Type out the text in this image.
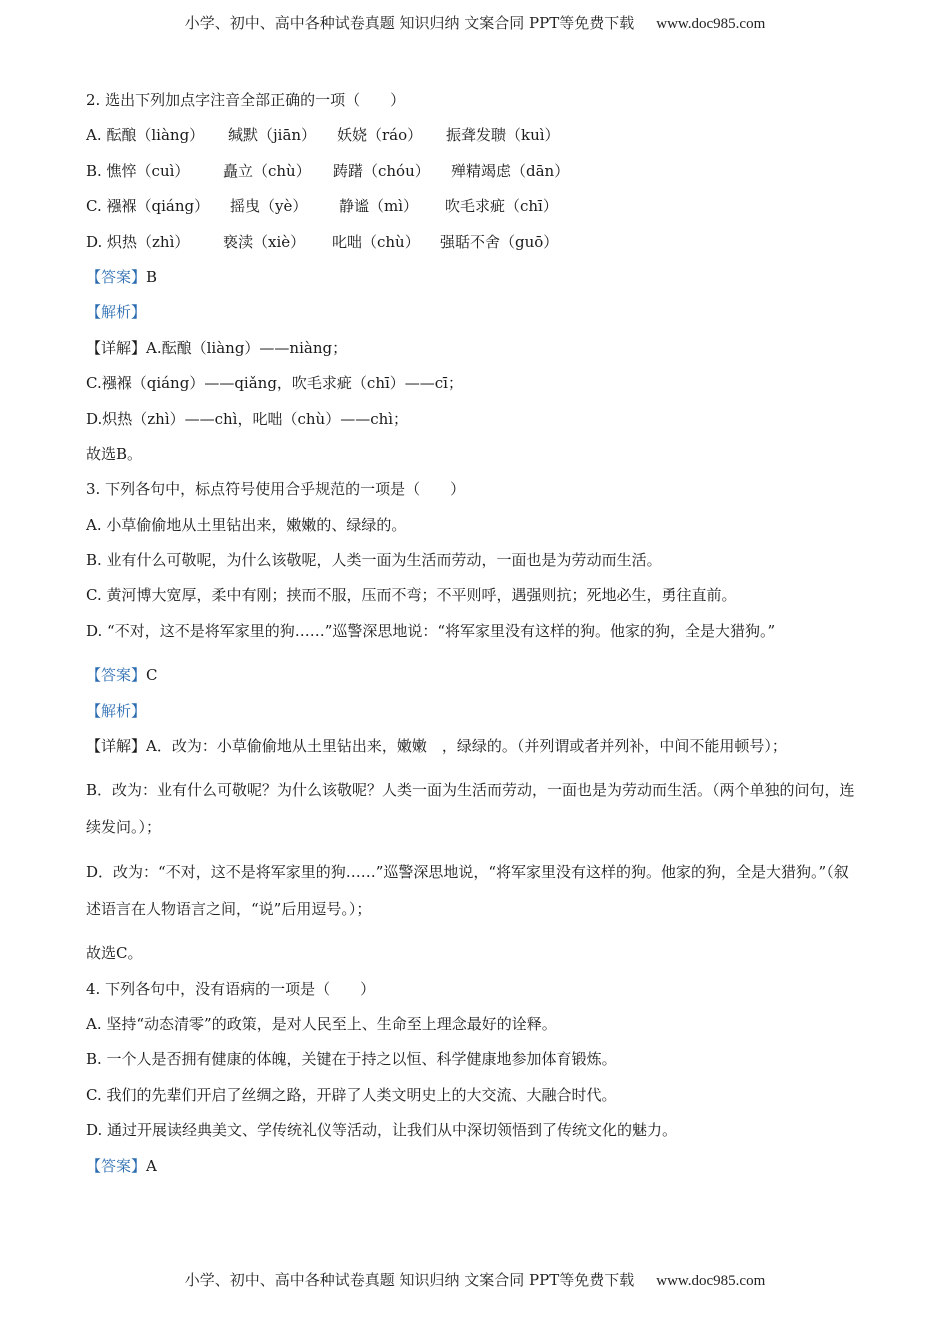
小学、初中、高中各种试卷真题 知识归纳 文案合同 PPT等免费下载 www.doc985.com
2. 选出下列加点字注音全部正确的一项（　　）
A. 酝酿（liàng） 缄默（jiān） 妖娆（ráo） 振聋发聩（kuì）
B. 憔悴（cuì） 矗立（chù） 踌躇（chóu） 殚精竭虑（dān）
C. 襁褓（qiáng） 摇曳（yè） 静谧（mì） 吹毛求疵（chī）
D. 炽热（zhì） 亵渎（xiè） 叱咄（chù） 强聒不舍（guō）
【答案】B
【解析】
【详解】A.酝酿（liàng）——niàng；
C.襁褓（qiáng）——qiǎng，吹毛求疵（chī）——cī；
D.炽热（zhì）——chì，叱咄（chù）——chì；
故选B。
3. 下列各句中，标点符号使用合乎规范的一项是（　　）
A. 小草偷偷地从土里钻出来，嫩嫩的、绿绿的。
B. 业有什么可敬呢，为什么该敬呢，人类一面为生活而劳动，一面也是为劳动而生活。
C. 黄河博大宽厚，柔中有刚；挟而不服，压而不弯；不平则呼，遇强则抗；死地必生，勇往直前。
D. “不对，这不是将军家里的狗……”巡警深思地说：“将军家里没有这样的狗。他家的狗，全是大猎狗。”
【答案】C
【解析】
【详解】A．改为：小草偷偷地从土里钻出来，嫩嫩　，绿绿的。（并列谓或者并列补，中间不能用顿号）；
B．改为：业有什么可敬呢？为什么该敬呢？人类一面为生活而劳动，一面也是为劳动而生活。（两个单独的问句，连续发问。）；
D．改为：“不对，这不是将军家里的狗……”巡警深思地说，“将军家里没有这样的狗。他家的狗，全是大猎狗。”（叙述语言在人物语言之间，“说”后用逗号。）；
故选C。
4. 下列各句中，没有语病的一项是（　　）
A. 坚持“动态清零”的政策，是对人民至上、生命至上理念最好的诠释。
B. 一个人是否拥有健康的体魄，关键在于持之以恒、科学健康地参加体育锻炼。
C. 我们的先辈们开启了丝绸之路，开辟了人类文明史上的大交流、大融合时代。
D. 通过开展读经典美文、学传统礼仪等活动，让我们从中深切领悟到了传统文化的魅力。
【答案】A
小学、初中、高中各种试卷真题 知识归纳 文案合同 PPT等免费下载 www.doc985.com
